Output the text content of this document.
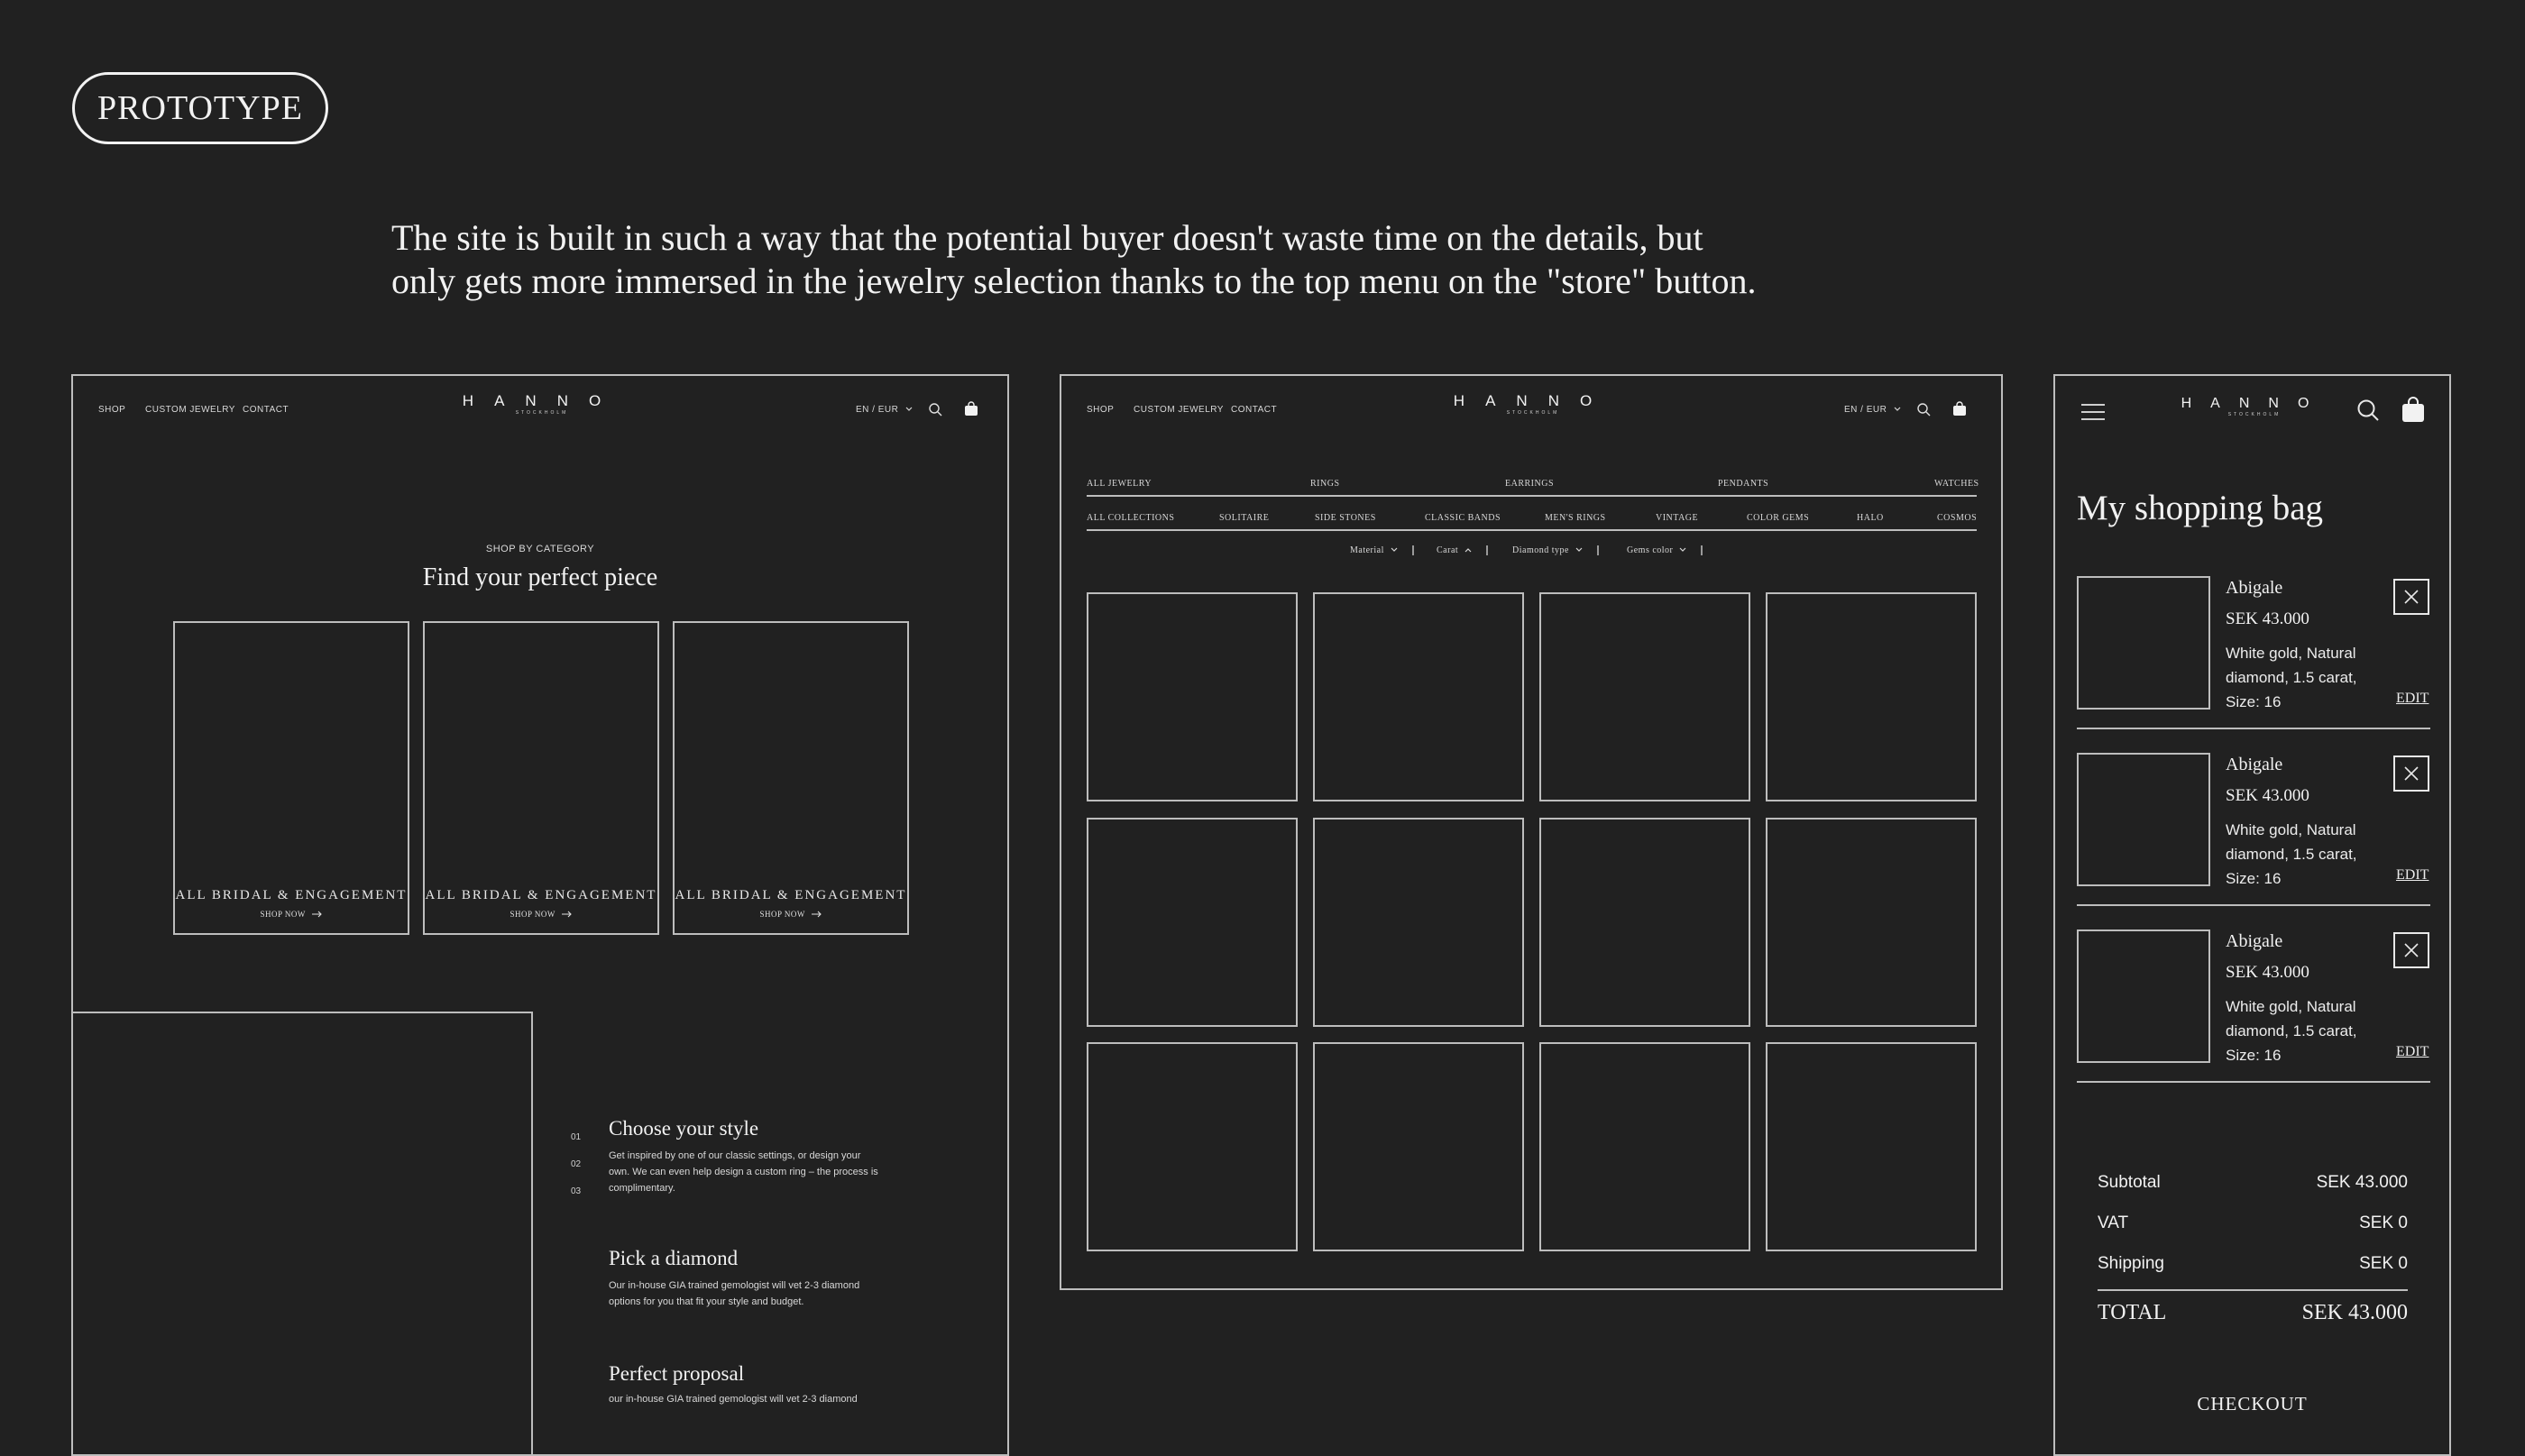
PROTOTYPE
The site is built in such a way that the potential buyer doesn't waste time on the details, but
only gets more immersed in the jewelry selection thanks to the top menu on the "store" button.
SHOP CUSTOM JEWELRY CONTACT
HANNO
STOCKHOLM	EN / EUR
SHOP BY CATEGORY
Find your perfect piece
ALL BRIDAL & ENGAGEMENT
SHOP NOW
ALL BRIDAL & ENGAGEMENT
SHOP NOW
ALL BRIDAL & ENGAGEMENT
SHOP NOW
01
02
03
Choose your style
Get inspired by one of our classic settings, or design your
own. We can even help design a custom ring – the process is
complimentary.
Pick a diamond
Our in-house GIA trained gemologist will vet 2-3 diamond
options for you that fit your style and budget.
Perfect proposal
our in-house GIA trained gemologist will vet 2-3 diamond
SHOP CUSTOM JEWELRY CONTACT
HANNO
STOCKHOLM	EN / EUR
ALL JEWELRY	RINGS	EARRINGS	PENDANTS	WATCHES
ALL COLLECTIONS	SOLITAIRE	SIDE STONES	CLASSIC BANDS	MEN'S RINGS	VINTAGE	COLOR GEMS	HALO	COSMOS
Material	Carat	Diamond type	Gems color
HANNO
STOCKHOLM
My shopping bag
Abigale
SEK 43.000
White gold, Natural
diamond, 1.5 carat,
Size: 16	EDIT
Abigale
SEK 43.000
White gold, Natural
diamond, 1.5 carat,
Size: 16	EDIT
Abigale
SEK 43.000
White gold, Natural
diamond, 1.5 carat,
Size: 16	EDIT
Subtotal	SEK 43.000
VAT	SEK 0
Shipping	SEK 0
TOTAL	SEK 43.000
CHECKOUT
